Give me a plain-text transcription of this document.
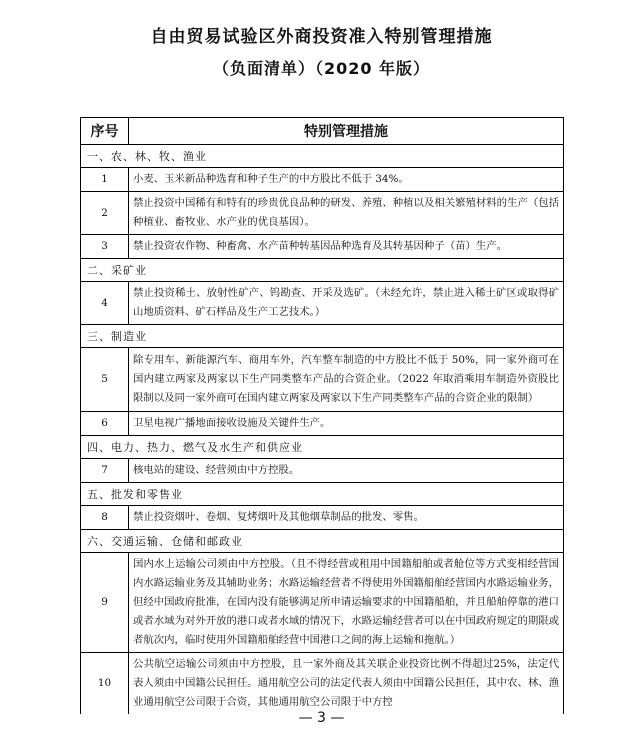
自由贸易试验区外商投资准入特别管理措施
（负面清单）（2020 年版）
序号	特别管理措施
一、农、林、牧、渔业	
1	小麦、玉米新品种选育和种子生产的中方股比不低于 34%。
2	禁止投资中国稀有和特有的珍贵优良品种的研发、养殖、种植以及相关繁殖材料的生产（包括种植业、畜牧业、水产业的优良基因）。
3	禁止投资农作物、种畜禽、水产苗种转基因品种选育及其转基因种子（苗）生产。
二、采矿业	
4	禁止投资稀土、放射性矿产、钨勘查、开采及选矿。（未经允许，禁止进入稀土矿区或取得矿山地质资料、矿石样品及生产工艺技术。）
三、制造业	
5	除专用车、新能源汽车、商用车外，汽车整车制造的中方股比不低于 50%，同一家外商可在国内建立两家及两家以下生产同类整车产品的合资企业。（2022 年取消乘用车制造外资股比限制以及同一家外商可在国内建立两家及两家以下生产同类整车产品的合资企业的限制）
6	卫星电视广播地面接收设施及关键件生产。
四、电力、热力、燃气及水生产和供应业	
7	核电站的建设、经营须由中方控股。
五、批发和零售业	
8	禁止投资烟叶、卷烟、复烤烟叶及其他烟草制品的批发、零售。
六、交通运输、仓储和邮政业	
9	国内水上运输公司须由中方控股。（且不得经营或租用中国籍船舶或者舱位等方式变相经营国内水路运输业务及其辅助业务；水路运输经营者不得使用外国籍船舶经营国内水路运输业务，但经中国政府批准，在国内没有能够满足所申请运输要求的中国籍船舶，并且船舶停靠的港口或者水域为对外开放的港口或者水域的情况下，水路运输经营者可以在中国政府规定的期限或者航次内，临时使用外国籍船舶经营中国港口之间的海上运输和拖航。）
10	公共航空运输公司须由中方控股，且一家外商及其关联企业投资比例不得超过25%，法定代表人须由中国籍公民担任。通用航空公司的法定代表人须由中国籍公民担任，其中农、林、渔业通用航空公司限于合资，其他通用航空公司限于中方控
— 3 —
